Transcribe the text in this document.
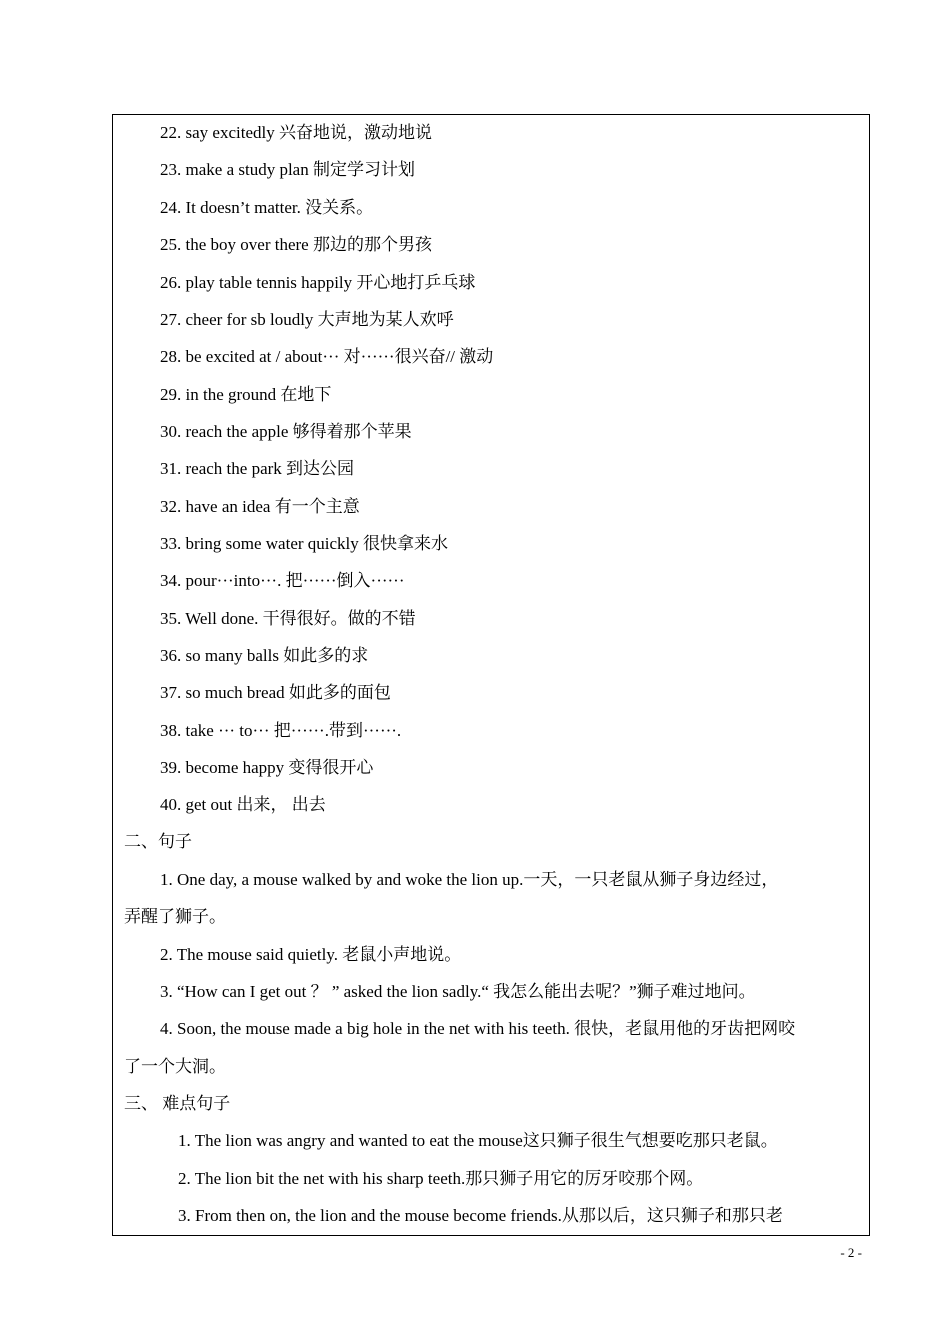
22. say excitedly 兴奋地说，激动地说
23. make a study plan 制定学习计划
24. It doesn’t matter. 没关系。
25. the boy over there 那边的那个男孩
26. play table tennis happily 开心地打乒乓球
27. cheer for sb loudly 大声地为某人欢呼
28. be excited at / about··· 对······很兴奋// 激动
29. in the ground 在地下
30. reach the apple 够得着那个苹果
31. reach the park 到达公园
32. have an idea 有一个主意
33. bring some water quickly 很快拿来水
34. pour···into···. 把······倒入······
35. Well done. 干得很好。做的不错
36. so many balls 如此多的求
37. so much bread 如此多的面包
38. take ··· to··· 把······.带到······.
39. become happy 变得很开心
40. get out 出来， 出去
二、句子
1. One day, a mouse walked by and woke the lion up.一天，一只老鼠从狮子身边经过，
弄醒了狮子。
2. The mouse said quietly. 老鼠小声地说。
3. “How can I get out ？ ” asked the lion sadly.“ 我怎么能出去呢？”狮子难过地问。
4. Soon, the mouse made a big hole in the net with his teeth. 很快，老鼠用他的牙齿把网咬
了一个大洞。
三、 难点句子
1. The lion was angry and wanted to eat the mouse这只狮子很生气想要吃那只老鼠。
2. The lion bit the net with his sharp teeth.那只狮子用它的厉牙咬那个网。
3. From then on, the lion and the mouse become friends.从那以后，这只狮子和那只老
- 2 -
